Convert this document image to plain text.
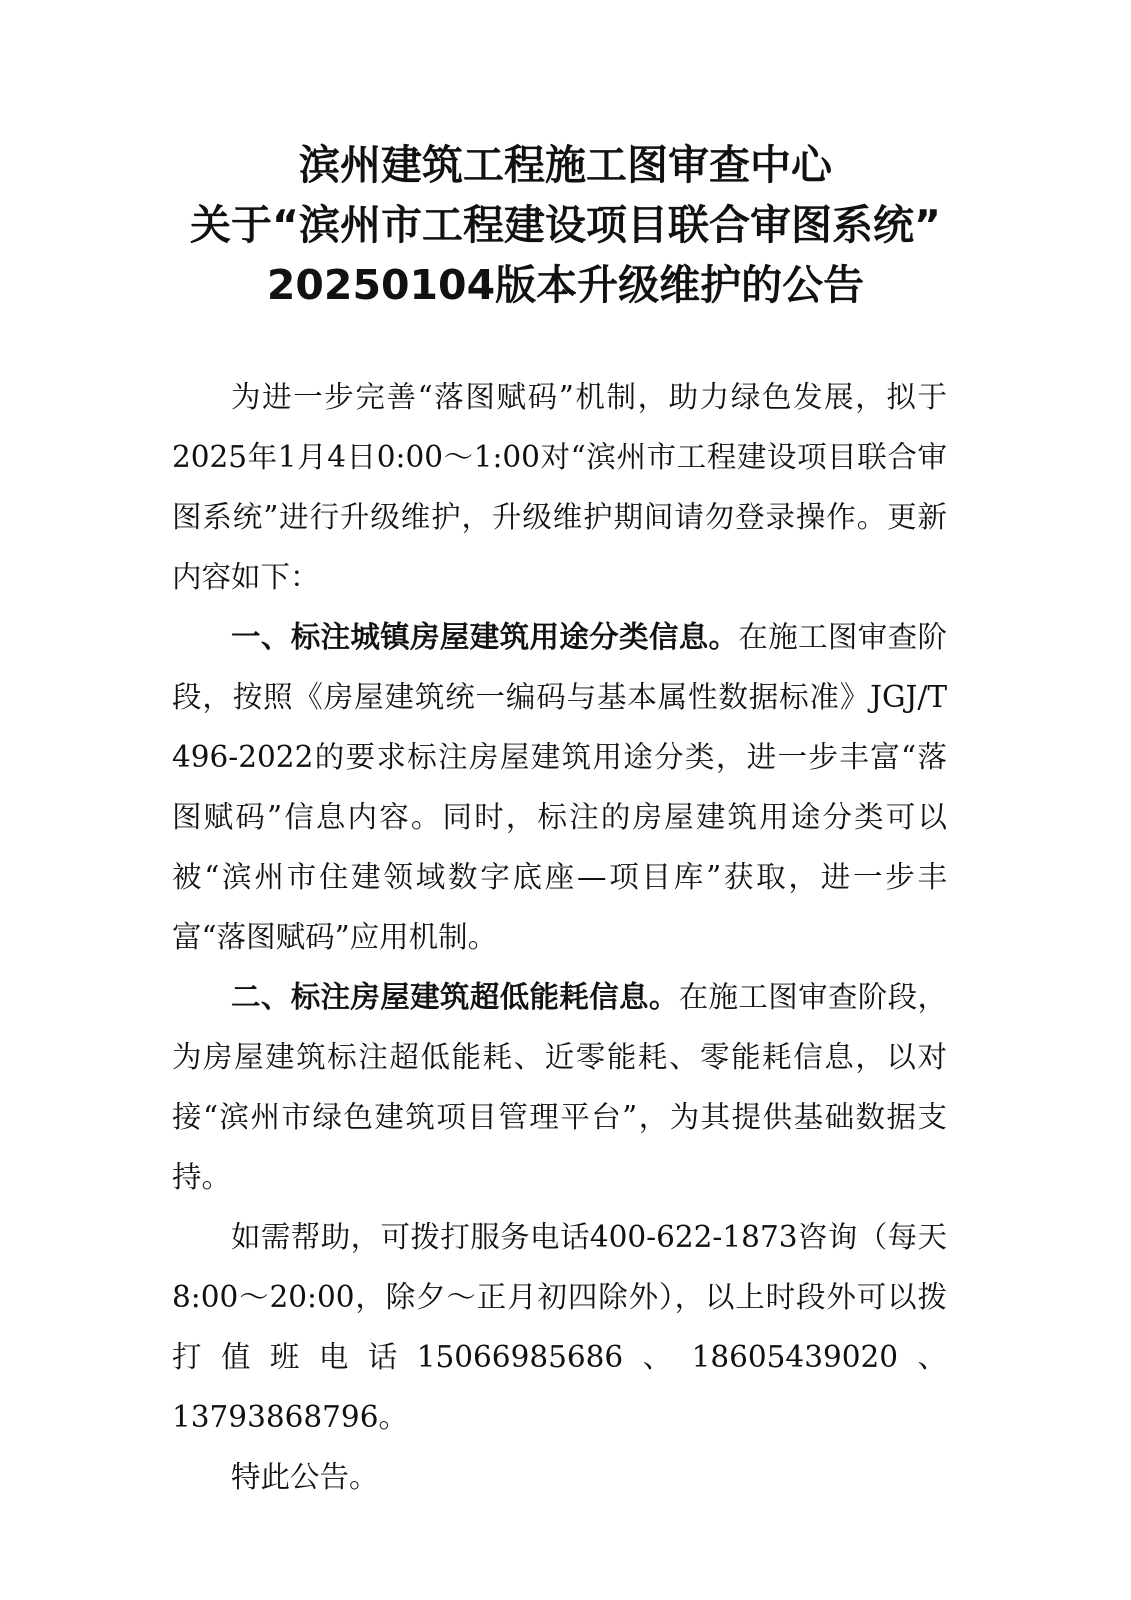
滨州建筑工程施工图审查中心
关于“滨州市工程建设项目联合审图系统”
20250104版本升级维护的公告

为进一步完善“落图赋码”机制，助力绿色发展，拟于2025年1月4日0:00～1:00对“滨州市工程建设项目联合审图系统”进行升级维护，升级维护期间请勿登录操作。更新内容如下：

一、标注城镇房屋建筑用途分类信息。在施工图审查阶段，按照《房屋建筑统一编码与基本属性数据标准》JGJ/T 496-2022的要求标注房屋建筑用途分类，进一步丰富“落图赋码”信息内容。同时，标注的房屋建筑用途分类可以被“滨州市住建领域数字底座—项目库”获取，进一步丰富“落图赋码”应用机制。

二、标注房屋建筑超低能耗信息。在施工图审查阶段，为房屋建筑标注超低能耗、近零能耗、零能耗信息，以对接“滨州市绿色建筑项目管理平台”，为其提供基础数据支持。

如需帮助，可拨打服务电话400-622-1873咨询（每天8:00～20:00，除夕～正月初四除外），以上时段外可以拨打值班电话15066985686、18605439020、13793868796。

特此公告。
